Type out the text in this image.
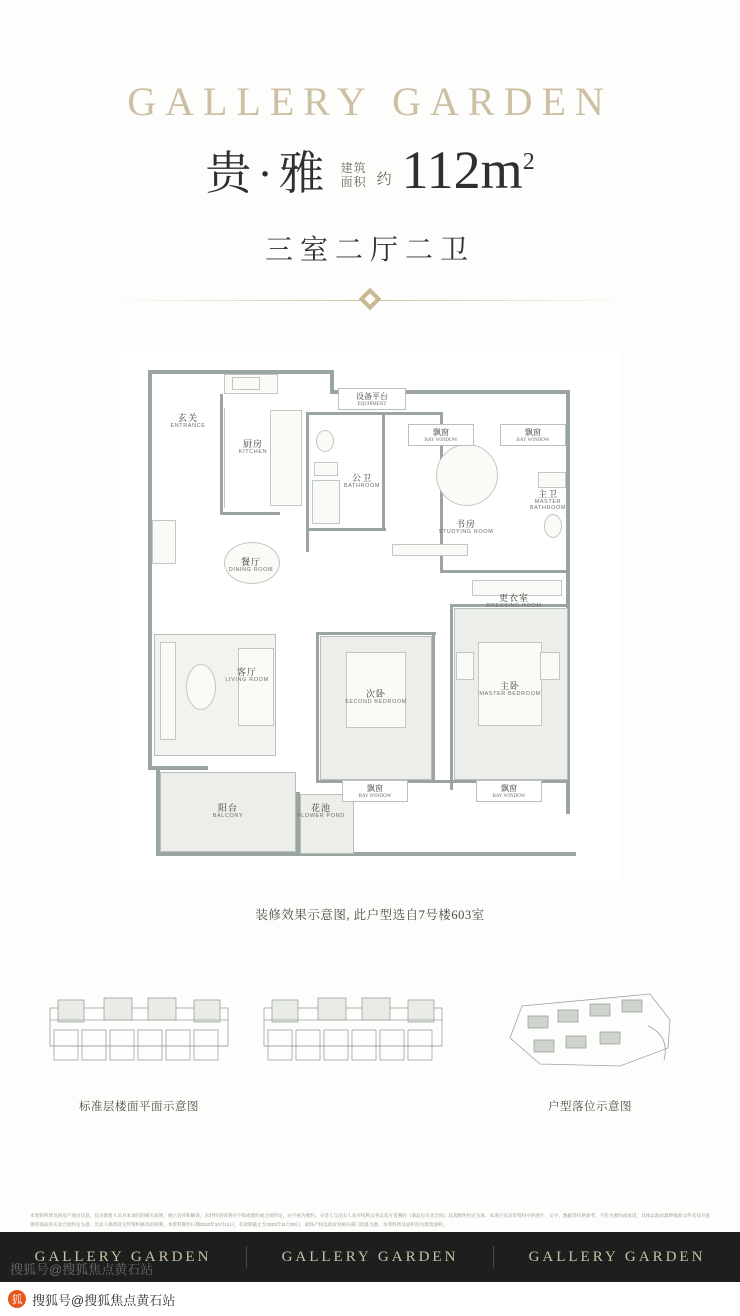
GALLERY GARDEN
贵·雅 建筑
面积 约 $112m^2$
三室二厅二卫
玄关
ENTRANCE
厨房
KITCHEN
餐厅
DINING ROOM
客厅
LIVING ROOM
公卫
BATHROOM
书房
STUDYING ROOM
主卫
MASTER BATHROOM
更衣室
DRESSING ROOM
次卧
SECOND BEDROOM
主卧
MASTER BEDROOM
阳台
BALCONY
花池
FLOWER POND
设备平台
EQUIPMENT
飘窗
BAY WINDOW
飘窗
BAY WINDOW
飘窗
BAY WINDOW
飘窗
BAY WINDOW
装修效果示意图, 此户型选自7号楼603室
标准层楼面平面示意图	户型落位示意图
本资料所涉及的房产项目信息，仅为销售人员对本项目的相关说明、展示宣传和解说，未经特别说明并不构成要约或合同约定，亦不视为要约。买受人与出卖人双方权利义务以双方签署的《商品房买卖合同》及其附件约定为准。本项目及宣传资料中的图片、文字、数据等仅供参考，不作为要约或承诺，具体以政府最终批准文件及双方签署的商品房买卖合同约定为准。出卖人保留对宣传资料修改的权利。本资料制作日期2023年10月12日，有效期截止至2023年11月30日，最终产权以政府及相关部门批准为准。本资料涉及面积均为建筑面积。
GALLERY GARDEN	GALLERY GARDEN	GALLERY GARDEN
搜狐号@搜狐焦点黄石站
狐 搜狐号@搜狐焦点黄石站
